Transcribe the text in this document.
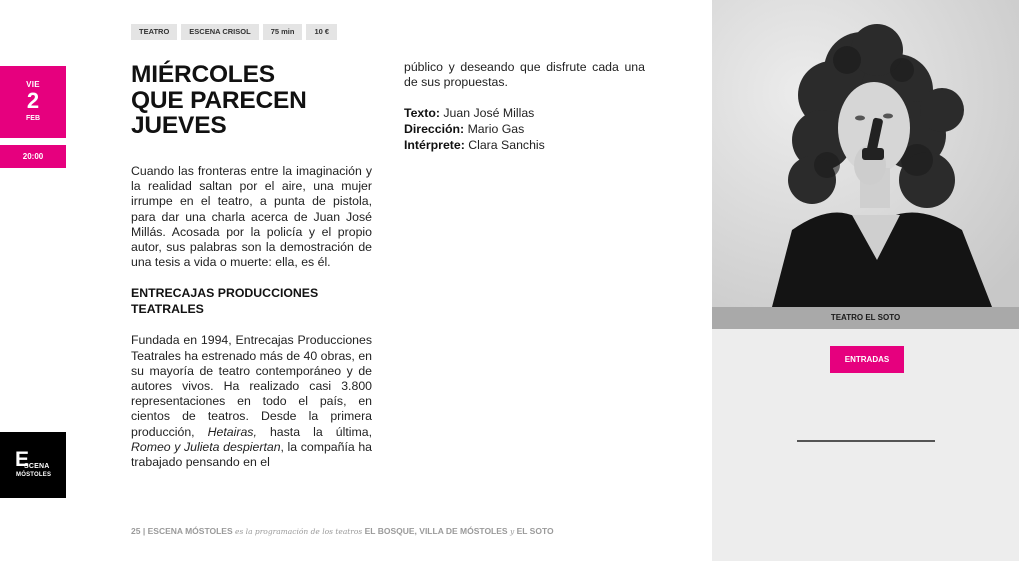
VIE
2
FEB
20:00
E
SCENA
MÓSTOLES
TEATRO	ESCENA CRISOL	75 min	10 €
MIÉRCOLES
QUE PARECEN
JUEVES

Cuando las fronteras entre la imaginación y la realidad saltan por el aire, una mujer irrumpe en el teatro, a punta de pistola, para dar una charla acerca de Juan José Millás. Acosada por la policía y el propio autor, sus palabras son la demostración de una tesis a vida o muerte: ella, es él.

ENTRECAJAS PRODUCCIONES TEATRALES

Fundada en 1994, Entrecajas Producciones Teatrales ha estrenado más de 40 obras, en su mayoría de teatro contemporáneo y de autores vivos. Ha realizado casi 3.800 representaciones en todo el país, en cientos de teatros. Desde la primera producción, Hetairas, hasta la última, Romeo y Julieta despiertan, la compañía ha trabajado pensando en el

público y deseando que disfrute cada una de sus propuestas.

Texto: Juan José Millas
Dirección: Mario Gas
Intérprete: Clara Sanchis
25 | ESCENA MÓSTOLES es la programación de los teatros EL BOSQUE, VILLA DE MÓSTOLES y EL SOTO
TEATRO EL SOTO
ENTRADAS
